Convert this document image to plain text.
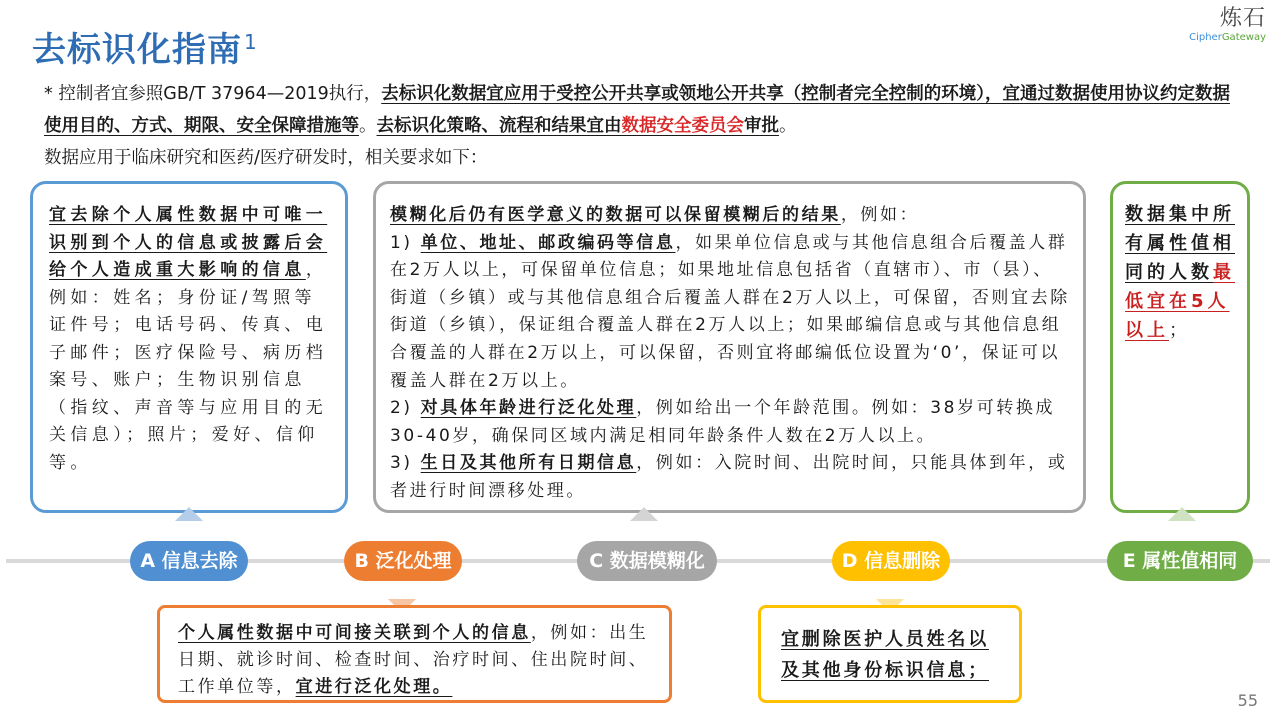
去标识化指南 $^1$
炼石
CipherGateway
* 控制者宜参照GB/T 37964—2019执行，去标识化数据宜应用于受控公开共享或领地公开共享（控制者完全控制的环境），宜通过数据使用协议约定数据使用目的、方式、期限、安全保障措施等。去标识化策略、流程和结果宜由数据安全委员会审批。
数据应用于临床研究和医药/医疗研发时，相关要求如下：
宜去除个人属性数据中可唯一识别到个人的信息或披露后会给个人造成重大影响的信息，例如：姓名；身份证/驾照等证件号；电话号码、传真、电子邮件；医疗保险号、病历档案号、账户；生物识别信息（指纹、声音等与应用目的无关信息）；照片；爱好、信仰等。
模糊化后仍有医学意义的数据可以保留模糊后的结果，例如：
1) 单位、地址、邮政编码等信息，如果单位信息或与其他信息组合后覆盖人群在2万人以上，可保留单位信息；如果地址信息包括省（直辖市）、市（县）、街道（乡镇）或与其他信息组合后覆盖人群在2万人以上，可保留，否则宜去除街道（乡镇），保证组合覆盖人群在2万人以上；如果邮编信息或与其他信息组合覆盖的人群在2万以上，可以保留，否则宜将邮编低位设置为‘0’，保证可以覆盖人群在2万以上。
2) 对具体年龄进行泛化处理，例如给出一个年龄范围。例如：38岁可转换成30-40岁，确保同区域内满足相同年龄条件人数在2万人以上。
3) 生日及其他所有日期信息，例如：入院时间、出院时间，只能具体到年，或者进行时间漂移处理。
数据集中所有属性值相同的人数最低宜在5人以上；
A 信息去除	B 泛化处理	C 数据模糊化	D 信息删除	E 属性值相同
个人属性数据中可间接关联到个人的信息，例如：出生日期、就诊时间、检查时间、治疗时间、住出院时间、工作单位等，宜进行泛化处理。
宜删除医护人员姓名以及其他身份标识信息；
55
